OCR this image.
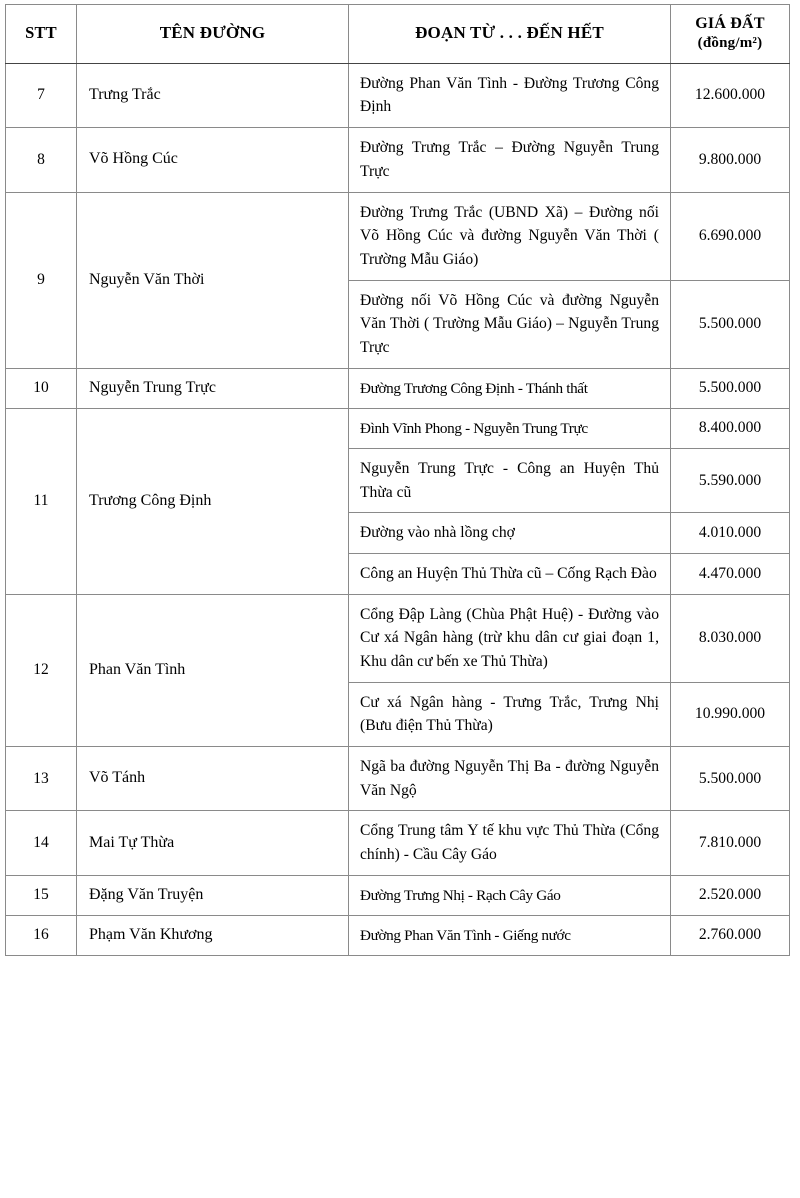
STT	TÊN ĐƯỜNG	ĐOẠN TỪ . . . ĐẾN HẾT	GIÁ ĐẤT
(đồng/m²)

7	Trưng Trắc	Đường Phan Văn Tình - Đường Trương Công Định	12.600.000
8	Võ Hồng Cúc	Đường Trưng Trắc – Đường Nguyễn Trung Trực	9.800.000
9	Nguyễn Văn Thời	Đường Trưng Trắc (UBND Xã) – Đường nối Võ Hồng Cúc và đường Nguyễn Văn Thời ( Trường Mẫu Giáo)	6.690.000
		Đường nối Võ Hồng Cúc và đường Nguyễn Văn Thời ( Trường Mẫu Giáo) – Nguyễn Trung Trực	5.500.000
10	Nguyễn Trung Trực	Đường Trương Công Định - Thánh thất	5.500.000
11	Trương Công Định	Đình Vĩnh Phong - Nguyễn Trung Trực	8.400.000
		Nguyễn Trung Trực - Công an Huyện Thủ Thừa cũ	5.590.000
		Đường vào nhà lồng chợ	4.010.000
		Công an Huyện Thủ Thừa cũ – Cống Rạch Đào	4.470.000
12	Phan Văn Tình	Cổng Đập Làng (Chùa Phật Huệ) - Đường vào Cư xá Ngân hàng (trừ khu dân cư giai đoạn 1, Khu dân cư bến xe Thủ Thừa)	8.030.000
		Cư xá Ngân hàng - Trưng Trắc, Trưng Nhị (Bưu điện Thủ Thừa)	10.990.000
13	Võ Tánh	Ngã ba đường Nguyễn Thị Ba - đường Nguyễn Văn Ngộ	5.500.000
14	Mai Tự Thừa	Cổng Trung tâm Y tế khu vực Thủ Thừa (Cổng chính) - Cầu Cây Gáo	7.810.000
15	Đặng Văn Truyện	Đường Trưng Nhị - Rạch Cây Gáo	2.520.000
16	Phạm Văn Khương	Đường Phan Văn Tình - Giếng nước	2.760.000
